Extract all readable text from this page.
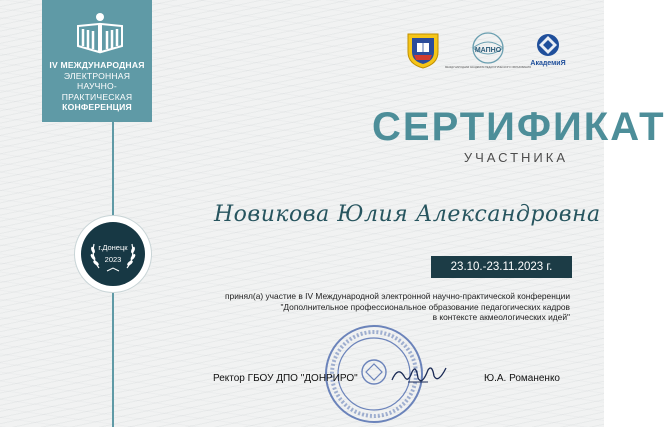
IV МЕЖДУНАРОДНАЯ
ЭЛЕКТРОННАЯ
НАУЧНО-ПРАКТИЧЕСКАЯ
КОНФЕРЕНЦИЯ
г.Донецк
2023
МАПНО
МЕЖДУНАРОДНАЯ АКАДЕМИЯ ПЕДАГОГИЧЕСКОГО ОБРАЗОВАНИЯ
АкадемиЯ
СЕРТИФИКАТ
УЧАСТНИКА
Новикова Юлия Александровна
23.10.-23.11.2023 г.
принял(а) участие в IV Международной электронной научно-практической конференции
"Дополнительное профессиональное образование педагогических кадров
в контексте акмеологических идей"
Ректор ГБОУ ДПО "ДОНРИРО"	Ю.А. Романенко
